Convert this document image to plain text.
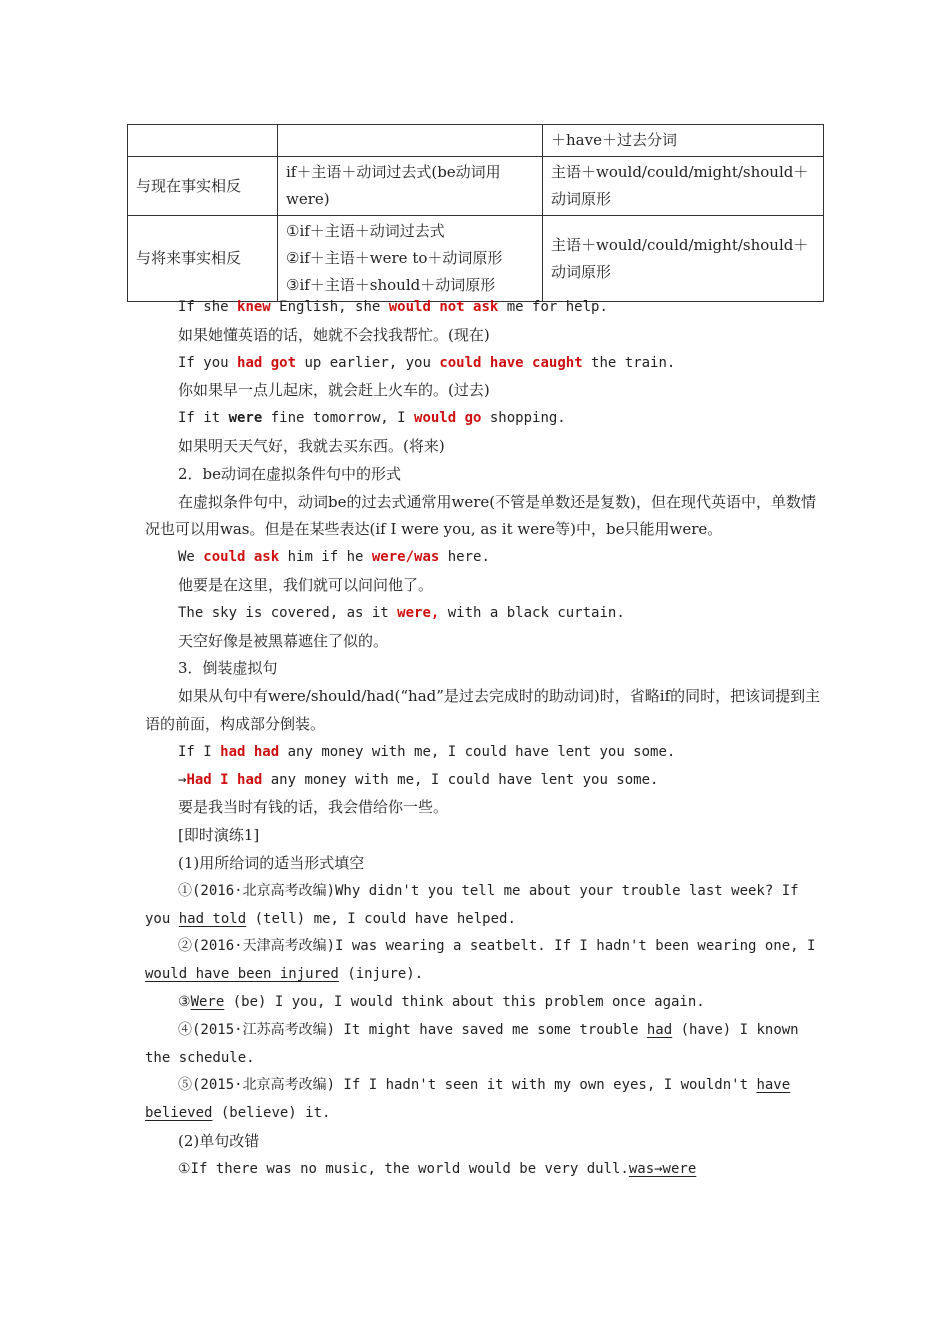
		＋have＋过去分词
与现在事实相反	if＋主语＋动词过去式(be动词用were)	主语＋would/could/might/should＋动词原形
与将来事实相反	①if＋主语＋动词过去式
②if＋主语＋were to＋动词原形
③if＋主语＋should＋动词原形	主语＋would/could/might/should＋动词原形

If she knew English, she would not ask me for help.

如果她懂英语的话，她就不会找我帮忙。(现在)

If you had got up earlier, you could have caught the train.

你如果早一点儿起床，就会赶上火车的。(过去)

If it were fine tomorrow, I would go shopping.

如果明天天气好，我就去买东西。(将来)

2．be动词在虚拟条件句中的形式

在虚拟条件句中，动词be的过去式通常用were(不管是单数还是复数)，但在现代英语中，单数情况也可以用was。但是在某些表达(if I were you, as it were等)中，be只能用were。

We could ask him if he were/was here.

他要是在这里，我们就可以问问他了。

The sky is covered, as it were, with a black curtain.

天空好像是被黑幕遮住了似的。

3．倒装虚拟句

如果从句中有were/should/had(“had”是过去完成时的助动词)时，省略if的同时，把该词提到主语的前面，构成部分倒装。

If I had had any money with me, I could have lent you some.

→Had I had any money with me, I could have lent you some.

要是我当时有钱的话，我会借给你一些。

[即时演练1]

(1)用所给词的适当形式填空

①(2016·北京高考改编)Why didn't you tell me about your trouble last week? If you had told (tell) me, I could have helped.

②(2016·天津高考改编)I was wearing a seatbelt. If I hadn't been wearing one, I would have been injured (injure).

③Were (be) I you, I would think about this problem once again.

④(2015·江苏高考改编) It might have saved me some trouble had (have) I known the schedule.

⑤(2015·北京高考改编) If I hadn't seen it with my own eyes, I wouldn't have believed (believe) it.

(2)单句改错

①If there was no music, the world would be very dull.was→were
